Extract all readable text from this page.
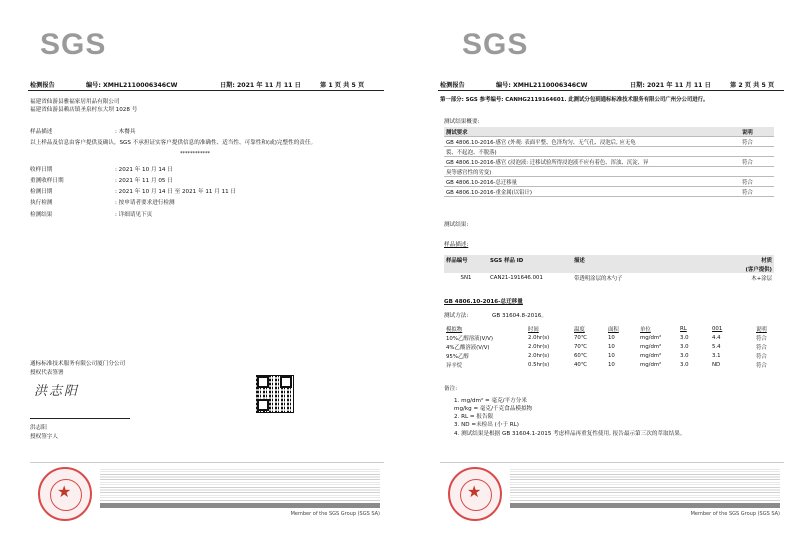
SGS
检测报告	编号: XMHL2110006346CW	日期: 2021 年 11 月 11 日	第 1 页 共 5 页
福建省仙游县雅福家居用品有限公司
福建省仙游县赖店镇圣泉村东大坝 1028 号
样品描述	: 木餐具
以上样品及信息由客户提供及确认。SGS 不承担证实客户提供信息的准确性、适当性、可靠性和(或)完整性的责任。
************
收样日期	: 2021 年 10 月 14 日
重测收样日期	: 2021 年 11 月 05 日
检测日期	: 2021 年 10 月 14 日 至 2021 年 11 月 11 日
执行检测	: 按申请者要求进行检测
检测结果	: 详细请见下页
通标标准技术服务有限公司厦门分公司
授权代表签署
洪志阳
洪志阳
授权签字人
★
Member of the SGS Group (SGS SA)
SGS
检测报告	编号: XMHL2110006346CW	日期: 2021 年 11 月 11 日	第 2 页 共 5 页
第一部分: SGS 参考编号: CANHG2119164601. 此测试分包到通标标准技术服务有限公司广州分公司进行。
测试结果概要:
测试要求	说明
GB 4806.10-2016-感官 (外观: 表面平整、色泽均匀、无气孔、浸泡后, 应无龟	符合
裂、不起泡、不脱落)	
GB 4806.10-2016-感官 (浸泡液: 迁移试验所得浸泡液不应有着色、浑浊、沉淀、异	符合
臭等感官性的劣变)	
GB 4806.10-2016-总迁移量	符合
GB 4806.10-2016-重金属(以铅计)	符合
测试结果:
样品描述:
样品编号	SGS 样品 ID	描述	材质
			(客户提供)
SN1	CAN21-191646.001	带透明涂层的木勺子	木+涂层
GB 4806.10-2016-总迁移量
测试方法:	GB 31604.8-2016。
模拟物	时间	温度	面积	单位	RL	001	说明
10%乙醇溶液(V/V)	2.0hr(s)	70℃	10	mg/dm²	3.0	4.4	符合
4%乙酸溶液(V/V)	2.0hr(s)	70℃	10	mg/dm²	3.0	5.4	符合
95%乙醇	2.0hr(s)	60℃	10	mg/dm²	3.0	3.1	符合
异辛烷	0.5hr(s)	40℃	10	mg/dm²	3.0	ND	符合
备注:
1. mg/dm² = 毫克/平方分米
mg/kg = 毫克/千克食品模拟物
2. RL = 报告限
3. ND =未检出 (小于 RL)
4. 测试结果是根据 GB 31604.1-2015 考虑样品再重复性使用, 报告最示第三次的萃取结果。
★
Member of the SGS Group (SGS SA)
